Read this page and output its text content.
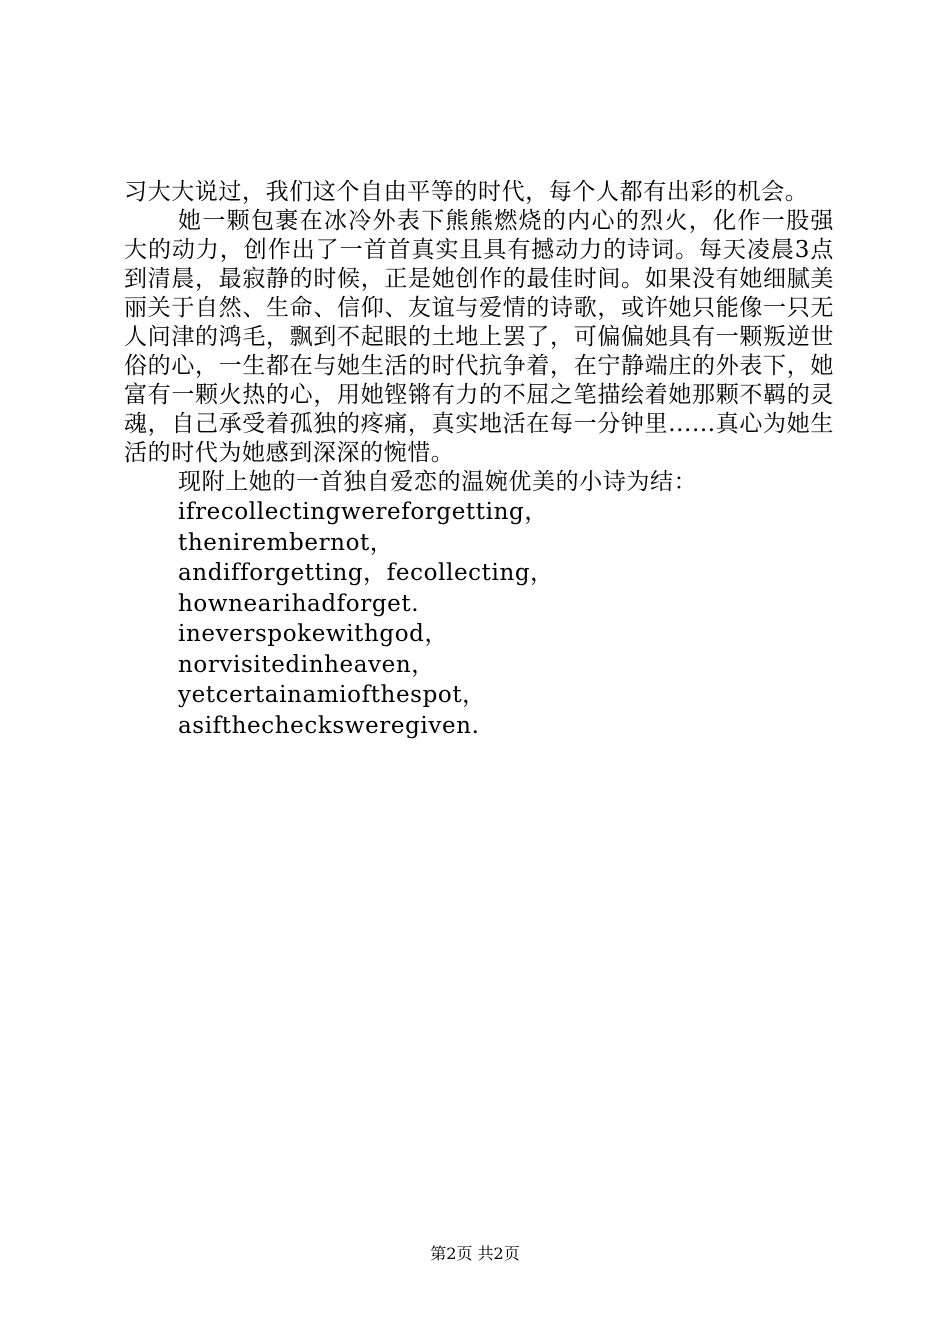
习大大说过，我们这个自由平等的时代，每个人都有出彩的机会。

她一颗包裹在冰冷外表下熊熊燃烧的内心的烈火，化作一股强大的动力，创作出了一首首真实且具有撼动力的诗词。每天凌晨3点到清晨，最寂静的时候，正是她创作的最佳时间。如果没有她细腻美丽关于自然、生命、信仰、友谊与爱情的诗歌，或许她只能像一只无人问津的鸿毛，飘到不起眼的土地上罢了，可偏偏她具有一颗叛逆世俗的心，一生都在与她生活的时代抗争着，在宁静端庄的外表下，她富有一颗火热的心，用她铿锵有力的不屈之笔描绘着她那颗不羁的灵魂，自己承受着孤独的疼痛，真实地活在每一分钟里......真心为她生活的时代为她感到深深的惋惜。

现附上她的一首独自爱恋的温婉优美的小诗为结：

ifrecollectingwereforgetting，
thenirembernot，
andifforgetting，fecollecting，
hownearihadforget.
ineverspokewithgod，
norvisitedinheaven，
yetcertainamiofthespot，
asifthechecksweregiven.
第2页 共2页
